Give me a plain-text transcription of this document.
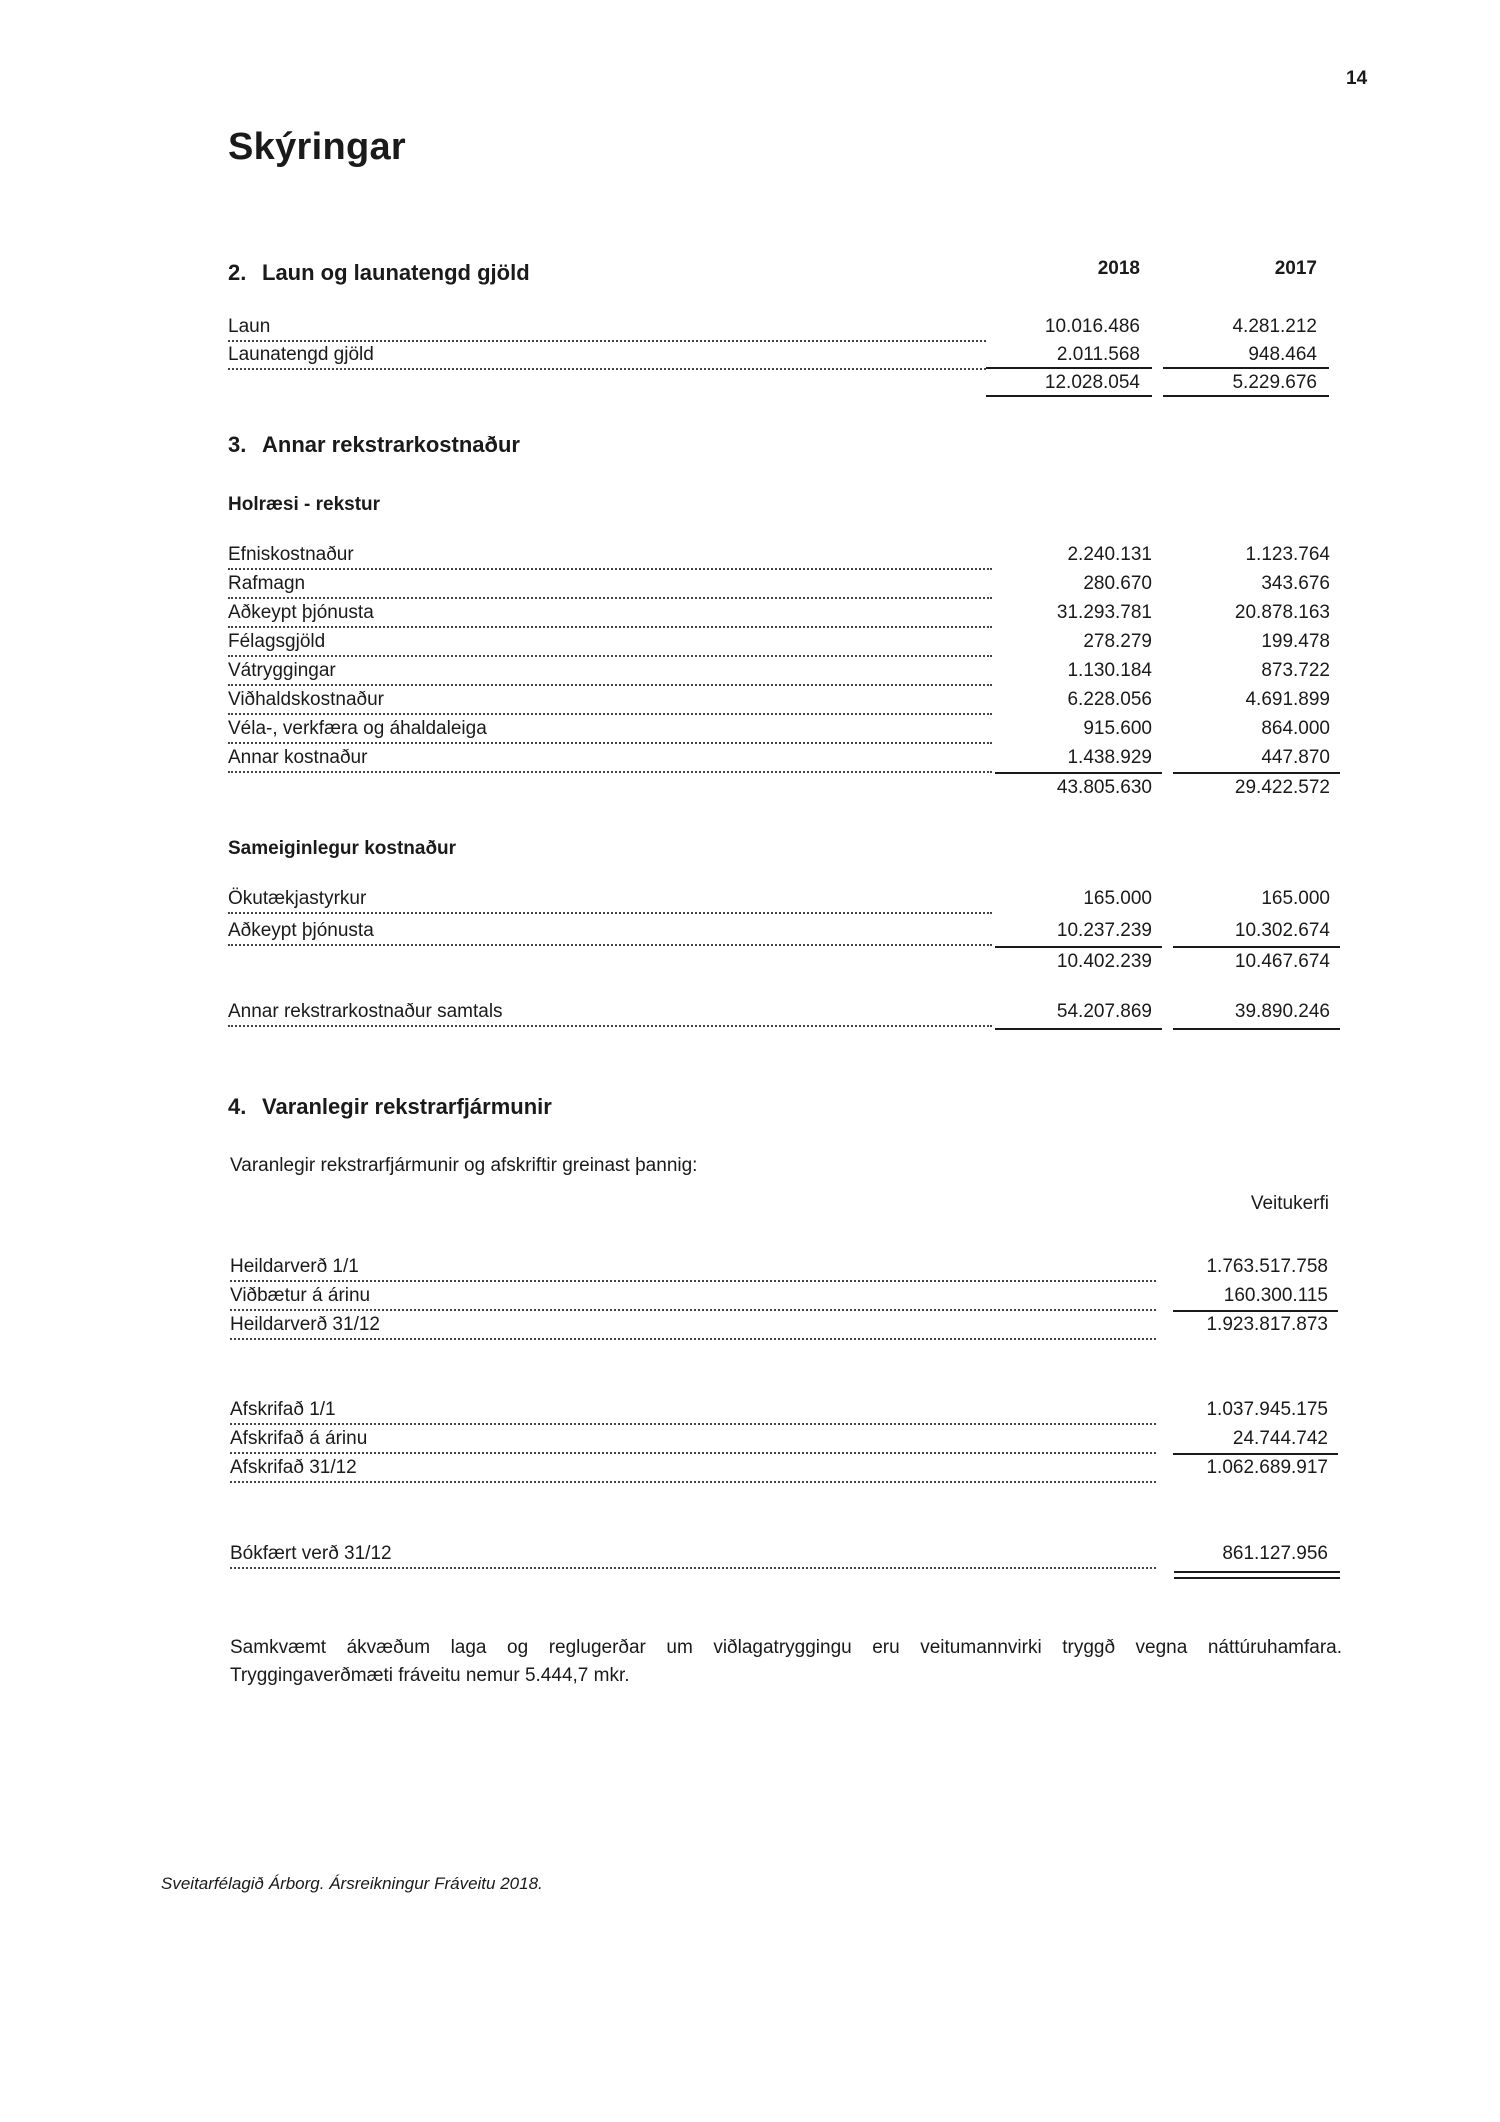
14
Skýringar
2. Laun og launatengd gjöld	2018	2017
Laun	10.016.486	4.281.212
Launatengd gjöld	2.011.568	948.464
12.028.054	5.229.676
3. Annar rekstrarkostnaður
Holræsi - rekstur
Efniskostnaður	2.240.131	1.123.764
Rafmagn	280.670	343.676
Aðkeypt þjónusta	31.293.781	20.878.163
Félagsgjöld	278.279	199.478
Vátryggingar	1.130.184	873.722
Viðhaldskostnaður	6.228.056	4.691.899
Véla-, verkfæra og áhaldaleiga	915.600	864.000
Annar kostnaður	1.438.929	447.870
43.805.630	29.422.572
Sameiginlegur kostnaður
Ökutækjastyrkur	165.000	165.000
Aðkeypt þjónusta	10.237.239	10.302.674
10.402.239	10.467.674
Annar rekstrarkostnaður samtals	54.207.869	39.890.246
4. Varanlegir rekstrarfjármunir
Varanlegir rekstrarfjármunir og afskriftir greinast þannig:
Veitukerfi
Heildarverð 1/1	1.763.517.758
Viðbætur á árinu	160.300.115
Heildarverð 31/12	1.923.817.873
Afskrifað 1/1	1.037.945.175
Afskrifað á árinu	24.744.742
Afskrifað 31/12	1.062.689.917
Bókfært verð 31/12	861.127.956
Samkvæmt ákvæðum laga og reglugerðar um viðlagatryggingu eru veitumannvirki tryggð vegna náttúruhamfara. Tryggingaverðmæti fráveitu nemur 5.444,7 mkr.
Sveitarfélagið Árborg. Ársreikningur Fráveitu 2018.
